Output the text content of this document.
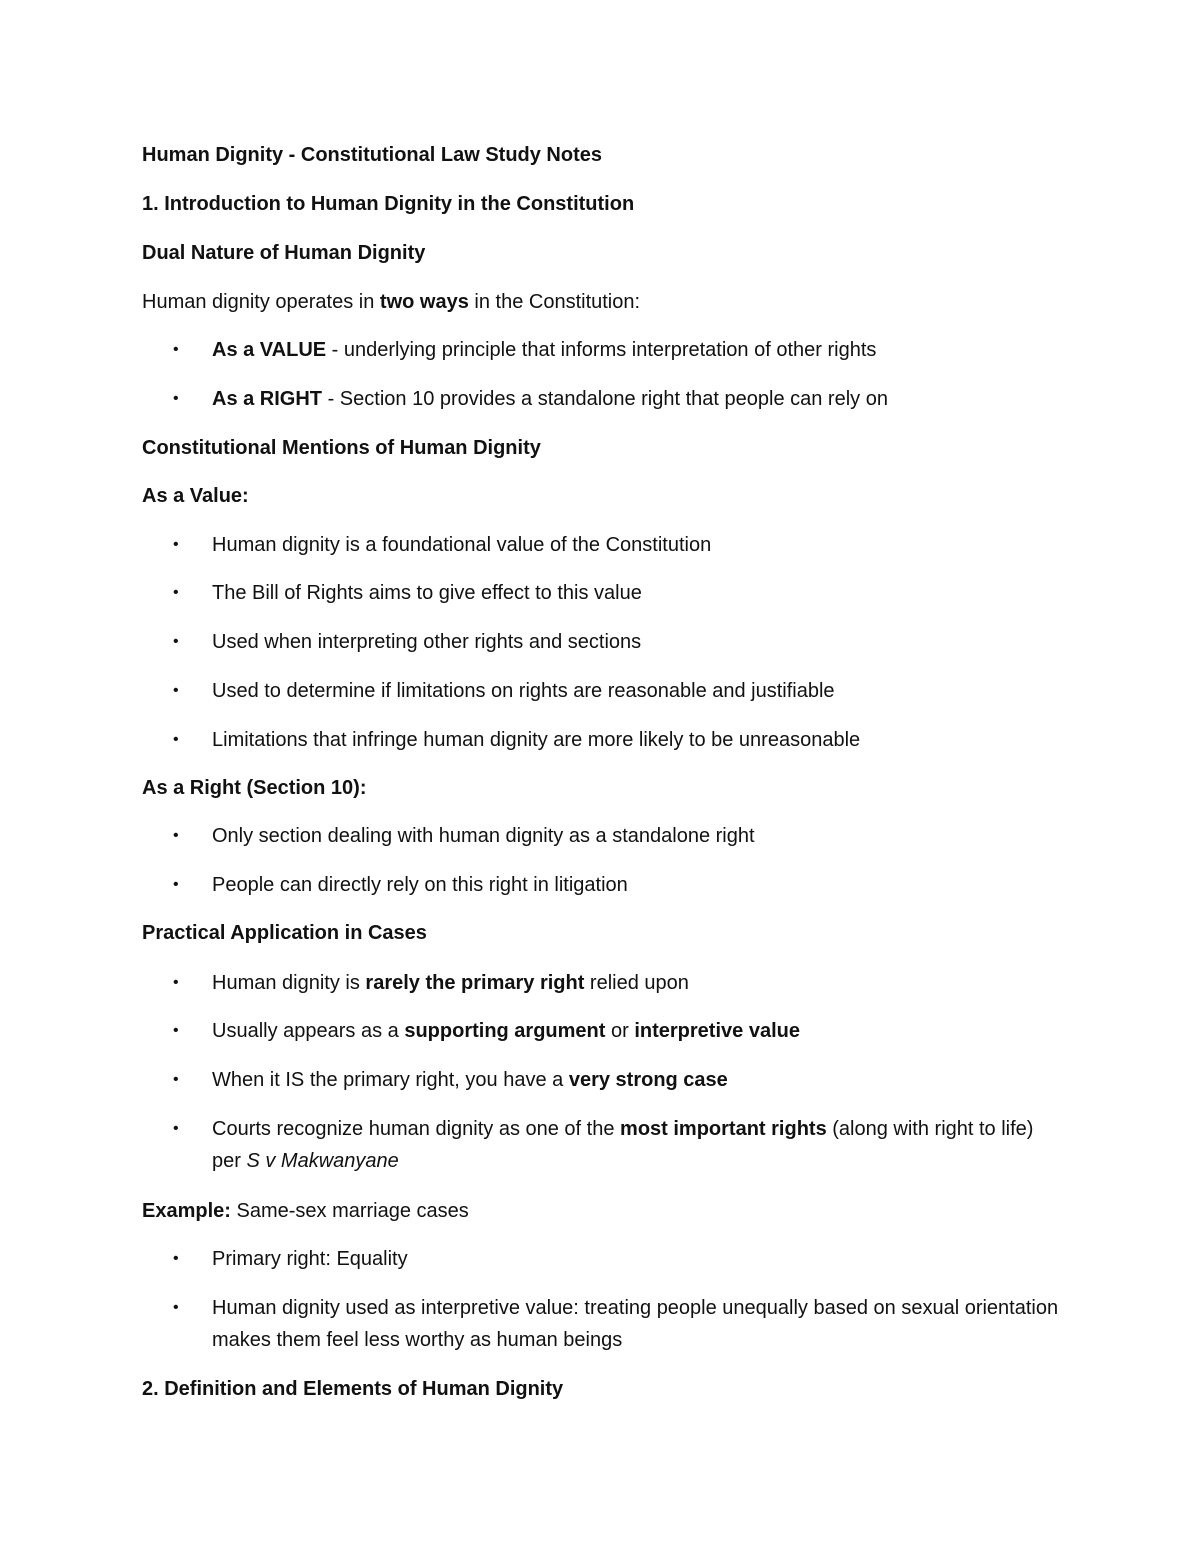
Human Dignity - Constitutional Law Study Notes
1. Introduction to Human Dignity in the Constitution
Dual Nature of Human Dignity
Human dignity operates in two ways in the Constitution:
• As a VALUE - underlying principle that informs interpretation of other rights
• As a RIGHT - Section 10 provides a standalone right that people can rely on
Constitutional Mentions of Human Dignity
As a Value:
• Human dignity is a foundational value of the Constitution
• The Bill of Rights aims to give effect to this value
• Used when interpreting other rights and sections
• Used to determine if limitations on rights are reasonable and justifiable
• Limitations that infringe human dignity are more likely to be unreasonable
As a Right (Section 10):
• Only section dealing with human dignity as a standalone right
• People can directly rely on this right in litigation
Practical Application in Cases
• Human dignity is rarely the primary right relied upon
• Usually appears as a supporting argument or interpretive value
• When it IS the primary right, you have a very strong case
• Courts recognize human dignity as one of the most important rights (along with right to life) per S v Makwanyane
Example: Same-sex marriage cases
• Primary right: Equality
• Human dignity used as interpretive value: treating people unequally based on sexual orientation makes them feel less worthy as human beings
2. Definition and Elements of Human Dignity
